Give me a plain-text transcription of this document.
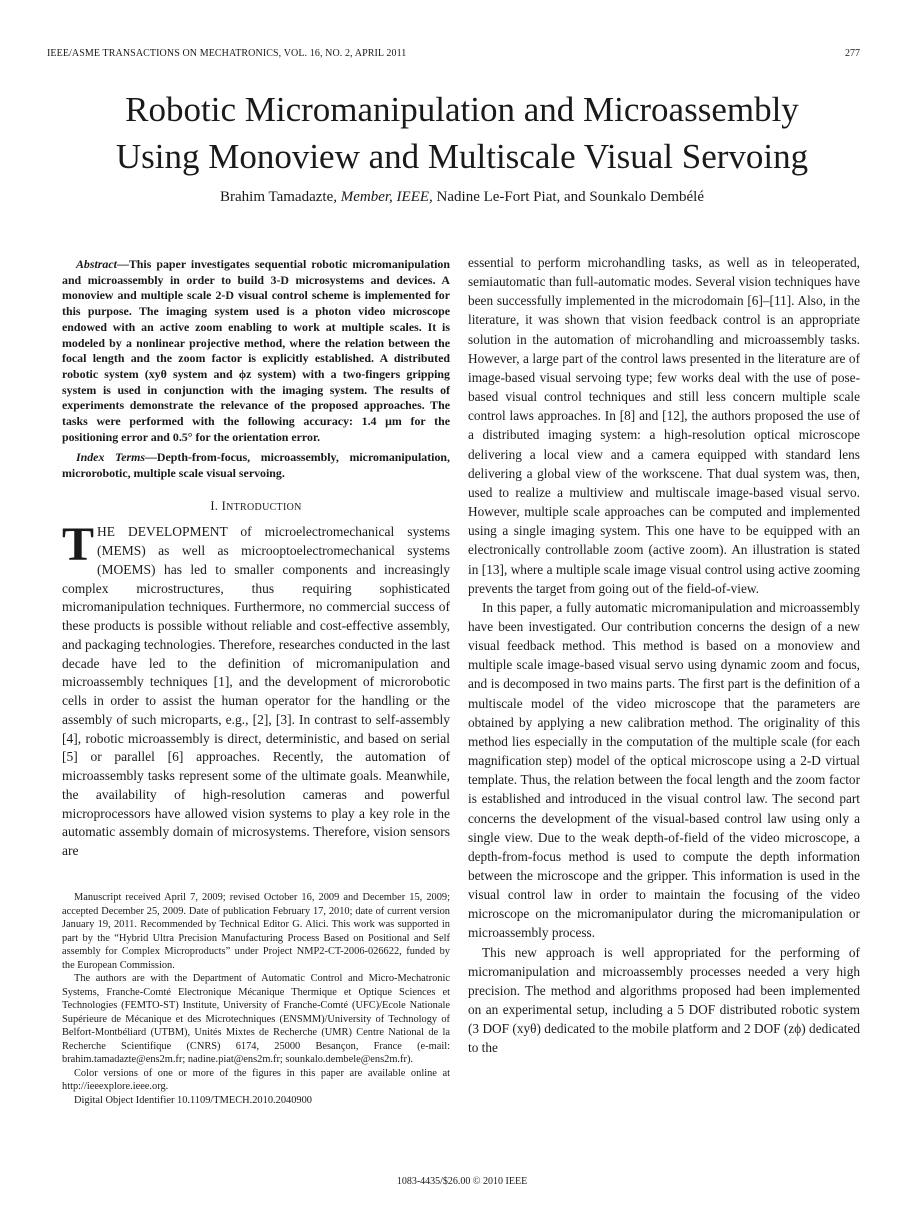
IEEE/ASME TRANSACTIONS ON MECHATRONICS, VOL. 16, NO. 2, APRIL 2011	277
Robotic Micromanipulation and Microassembly
Using Monoview and Multiscale Visual Servoing
Brahim Tamadazte, Member, IEEE, Nadine Le-Fort Piat, and Sounkalo Dembélé

Abstract—This paper investigates sequential robotic micromanipulation and microassembly in order to build 3-D microsystems and devices. A monoview and multiple scale 2-D visual control scheme is implemented for this purpose. The imaging system used is a photon video microscope endowed with an active zoom enabling to work at multiple scales. It is modeled by a nonlinear projective method, where the relation between the focal length and the zoom factor is explicitly established. A distributed robotic system (xyθ system and ϕz system) with a two-fingers gripping system is used in conjunction with the imaging system. The results of experiments demonstrate the relevance of the proposed approaches. The tasks were performed with the following accuracy: 1.4 μm for the positioning error and 0.5° for the orientation error.

Index Terms—Depth-from-focus, microassembly, micromanipulation, microrobotic, multiple scale visual servoing.

I. INTRODUCTION

THE DEVELOPMENT of microelectromechanical systems (MEMS) as well as microoptoelectromechanical systems (MOEMS) has led to smaller components and increasingly complex microstructures, thus requiring sophisticated micromanipulation techniques. Furthermore, no commercial success of these products is possible without reliable and cost-effective assembly, and packaging technologies. Therefore, researches conducted in the last decade have led to the definition of micromanipulation and microassembly techniques [1], and the development of microrobotic cells in order to assist the human operator for the handling or the assembly of such microparts, e.g., [2], [3]. In contrast to self-assembly [4], robotic microassembly is direct, deterministic, and based on serial [5] or parallel [6] approaches. Recently, the automation of microassembly tasks represent some of the ultimate goals. Meanwhile, the availability of high-resolution cameras and powerful microprocessors have allowed vision systems to play a key role in the automatic assembly domain of microsystems. Therefore, vision sensors are

Manuscript received April 7, 2009; revised October 16, 2009 and December 15, 2009; accepted December 25, 2009. Date of publication February 17, 2010; date of current version January 19, 2011. Recommended by Technical Editor G. Alici. This work was supported in part by the “Hybrid Ultra Precision Manufacturing Process Based on Positional and Self assembly for Complex Microproducts” under Project NMP2-CT-2006-026622, funded by the European Commission.

The authors are with the Department of Automatic Control and Micro-Mechatronic Systems, Franche-Comté Electronique Mécanique Thermique et Optique Sciences et Technologies (FEMTO-ST) Institute, University of Franche-Comté (UFC)/Ecole Nationale Supérieure de Mécanique et des Microtechniques (ENSMM)/University of Technology of Belfort-Montbéliard (UTBM), Unités Mixtes de Recherche (UMR) Centre National de la Recherche Scientifique (CNRS) 6174, 25000 Besançon, France (e-mail: brahim.tamadazte@ens2m.fr; nadine.piat@ens2m.fr; sounkalo.dembele@ens2m.fr).

Color versions of one or more of the figures in this paper are available online at http://ieeexplore.ieee.org.

Digital Object Identifier 10.1109/TMECH.2010.2040900

essential to perform microhandling tasks, as well as in teleoperated, semiautomatic than full-automatic modes. Several vision techniques have been successfully implemented in the microdomain [6]–[11]. Also, in the literature, it was shown that vision feedback control is an appropriate solution in the automation of microhandling and microassembly tasks. However, a large part of the control laws presented in the literature are of image-based visual servoing type; few works deal with the use of pose-based visual control techniques and still less concern multiple scale control laws approaches. In [8] and [12], the authors proposed the use of a distributed imaging system: a high-resolution optical microscope delivering a local view and a camera equipped with standard lens delivering a global view of the workscene. That dual system was, then, used to realize a multiview and multiscale image-based visual servo. However, multiple scale approaches can be computed and implemented using a single imaging system. This one have to be equipped with an electronically controllable zoom (active zoom). An illustration is stated in [13], where a multiple scale image visual control using active zooming prevents the target from going out of the field-of-view.

In this paper, a fully automatic micromanipulation and microassembly have been investigated. Our contribution concerns the design of a new visual feedback method. This method is based on a monoview and multiple scale image-based visual servo using dynamic zoom and focus, and is decomposed in two mains parts. The first part is the definition of a multiscale model of the video microscope that the parameters are obtained by applying a new calibration method. The originality of this method lies especially in the computation of the multiple scale (for each magnification step) model of the optical microscope using a 2-D virtual template. Thus, the relation between the focal length and the zoom factor is established and introduced in the visual control law. The second part concerns the development of the visual-based control law using only a single view. Due to the weak depth-of-field of the video microscope, a depth-from-focus method is used to compute the depth information between the microscope and the gripper. This information is used in the visual control law in order to maintain the focusing of the video microscope on the micromanipulator during the micromanipulation or microassembly process.

This new approach is well appropriated for the performing of micromanipulation and microassembly processes needed a very high precision. The method and algorithms proposed had been implemented on an experimental setup, including a 5 DOF distributed robotic system (3 DOF (xyθ) dedicated to the mobile platform and 2 DOF (zϕ) dedicated to the

1083-4435/$26.00 © 2010 IEEE
